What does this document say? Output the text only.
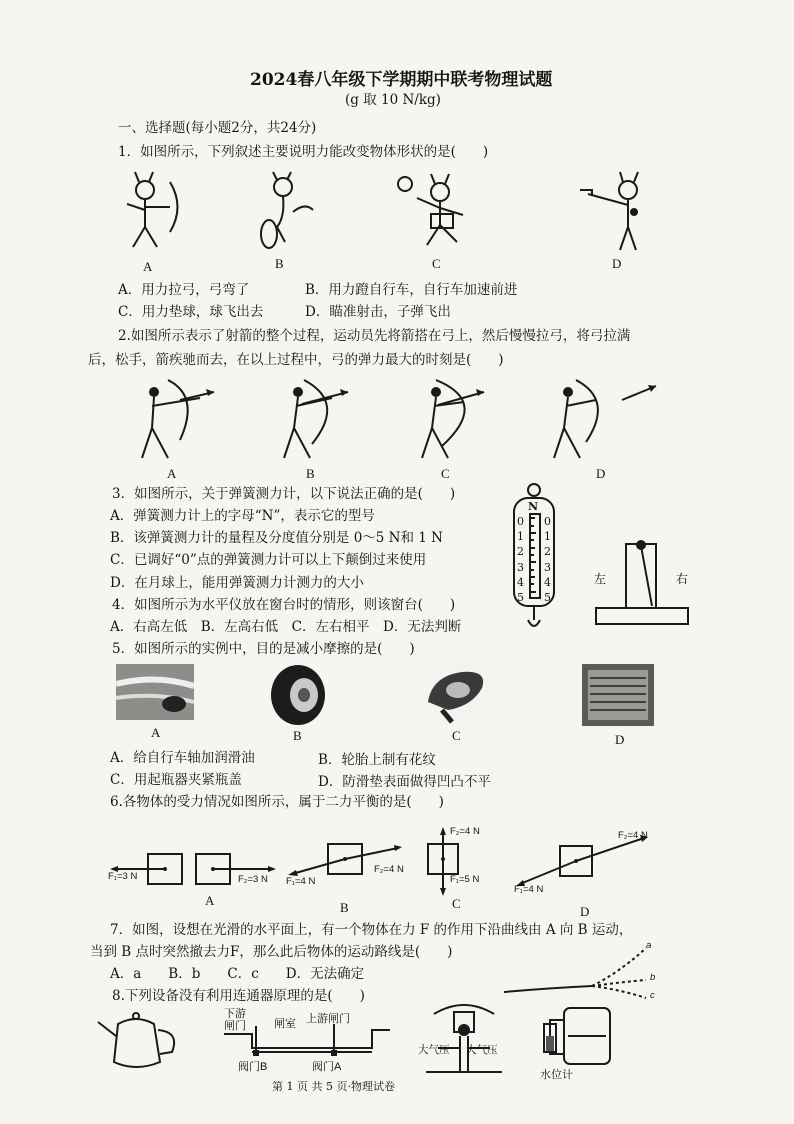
2024春八年级下学期期中联考物理试题
(g 取 10 N/kg)
一、选择题(每小题2分，共24分)
1．如图所示，下列叙述主要说明力能改变物体形状的是(　　)
A	B	C	D
A．用力拉弓，弓弯了	B．用力蹬自行车，自行车加速前进
C．用力垫球，球飞出去	D．瞄准射击，子弹飞出
2.如图所示表示了射箭的整个过程，运动员先将箭搭在弓上，然后慢慢拉弓，将弓拉满
后，松手，箭疾驰而去，在以上过程中，弓的弹力最大的时刻是(　　)
A	B	C	D
3．如图所示，关于弹簧测力计，以下说法正确的是(　　)
A．弹簧测力计上的字母“N”，表示它的型号
B．该弹簧测力计的量程及分度值分别是 0～5 N和 1 N
C．已调好“0”点的弹簧测力计可以上下颠倒过来使用
D．在月球上，能用弹簧测力计测力的大小
N
0
1
2
3
4
5
0
1
2
3
4
5
左	右
4．如图所示为水平仪放在窗台时的情形，则该窗台(　　)
A．右高左低　B．左高右低　C．左右相平　D．无法判断
5．如图所示的实例中，目的是减小摩擦的是(　　)
A	B	C	D
A．给自行车轴加润滑油	B．轮胎上制有花纹
C．用起瓶器夹紧瓶盖	D．防滑垫表面做得凹凸不平
6.各物体的受力情况如图所示，属于二力平衡的是(　　)
F₁=3 N	F₂=3 N F₁=4 N
F₂=4 N
F₂=4 N
F₁=5 N
F₂=4 N
F₁=4 N
A	B	C
D
7．如图，设想在光滑的水平面上，有一个物体在力 F 的作用下沿曲线由 A 向 B 运动，
当到 B 点时突然撤去力F，那么此后物体的运动路线是(　　)
A．a　　B．b　　C．c　　D．无法确定
a
b
c
8.下列设备没有利用连通器原理的是(　　)
下游
闸门	闸室 上游闸门
阀门B	阀门A
大气压 大气压
水位计
第 1 页 共 5 页·物理试卷
